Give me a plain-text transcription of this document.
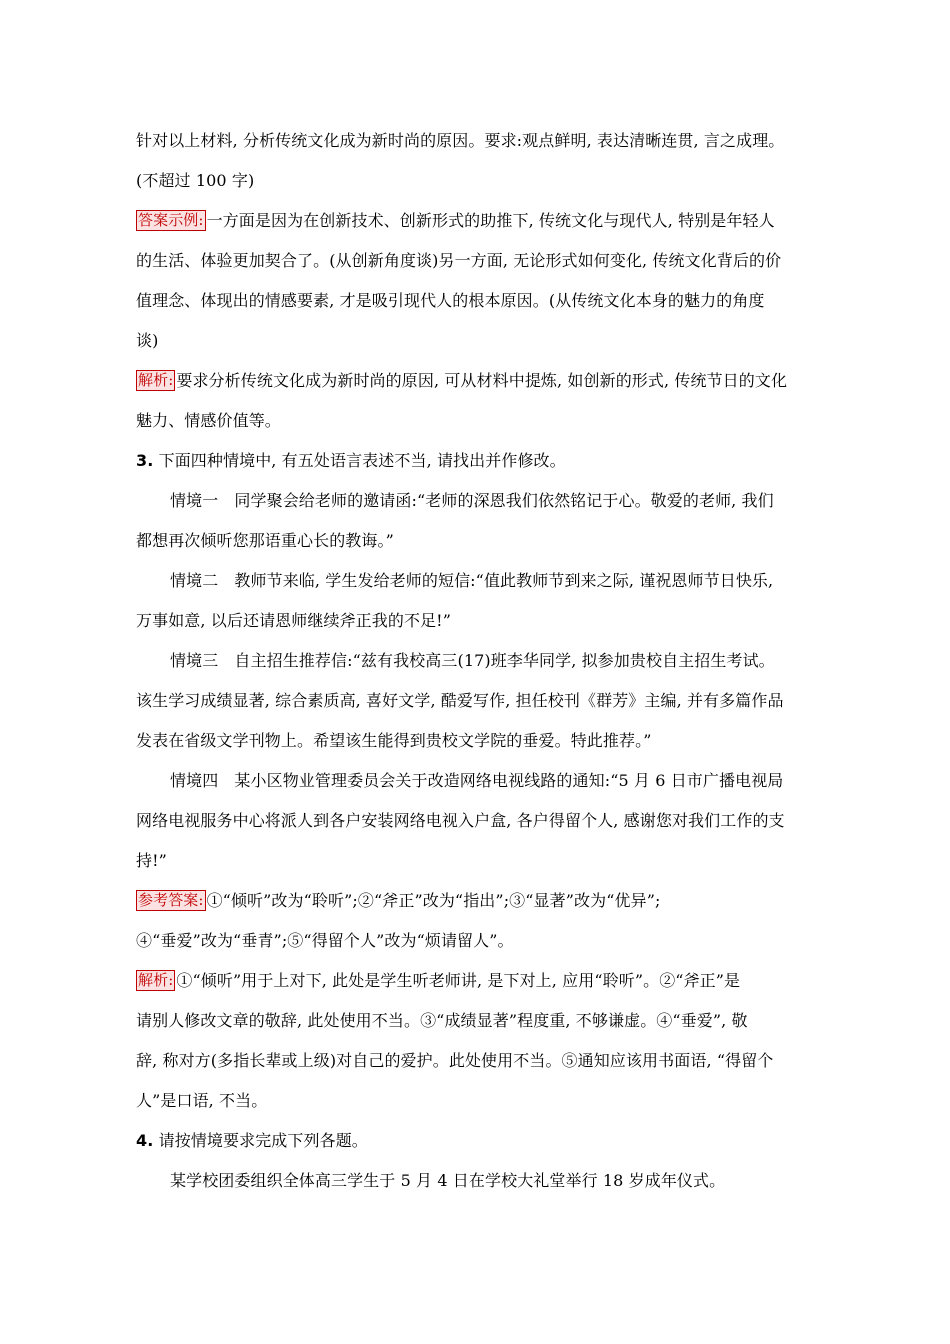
针对以上材料, 分析传统文化成为新时尚的原因。要求:观点鲜明, 表达清晰连贯, 言之成理。
(不超过 100 字)
答案示例: 一方面是因为在创新技术、创新形式的助推下, 传统文化与现代人, 特别是年轻人
的生活、体验更加契合了。(从创新角度谈)另一方面, 无论形式如何变化, 传统文化背后的价
值理念、体现出的情感要素, 才是吸引现代人的根本原因。(从传统文化本身的魅力的角度
谈)
解析: 要求分析传统文化成为新时尚的原因, 可从材料中提炼, 如创新的形式, 传统节日的文化
魅力、情感价值等。
3. 下面四种情境中, 有五处语言表述不当, 请找出并作修改。
情境一　同学聚会给老师的邀请函:“老师的深恩我们依然铭记于心。敬爱的老师, 我们
都想再次倾听您那语重心长的教诲。”
情境二　教师节来临, 学生发给老师的短信:“值此教师节到来之际, 谨祝恩师节日快乐,
万事如意, 以后还请恩师继续斧正我的不足!”
情境三　自主招生推荐信:“兹有我校高三(17)班李华同学, 拟参加贵校自主招生考试。
该生学习成绩显著, 综合素质高, 喜好文学, 酷爱写作, 担任校刊《群芳》主编, 并有多篇作品
发表在省级文学刊物上。希望该生能得到贵校文学院的垂爱。特此推荐。”
情境四　某小区物业管理委员会关于改造网络电视线路的通知:“5 月 6 日市广播电视局
网络电视服务中心将派人到各户安装网络电视入户盒, 各户得留个人, 感谢您对我们工作的支
持!”
参考答案: ①“倾听”改为“聆听”;②“斧正”改为“指出”;③“显著”改为“优异”;
④“垂爱”改为“垂青”;⑤“得留个人”改为“烦请留人”。
解析: ①“倾听”用于上对下, 此处是学生听老师讲, 是下对上, 应用“聆听”。②“斧正”是
请别人修改文章的敬辞, 此处使用不当。③“成绩显著”程度重, 不够谦虚。④“垂爱”, 敬
辞, 称对方(多指长辈或上级)对自己的爱护。此处使用不当。⑤通知应该用书面语, “得留个
人”是口语, 不当。
4. 请按情境要求完成下列各题。
某学校团委组织全体高三学生于 5 月 4 日在学校大礼堂举行 18 岁成年仪式。
